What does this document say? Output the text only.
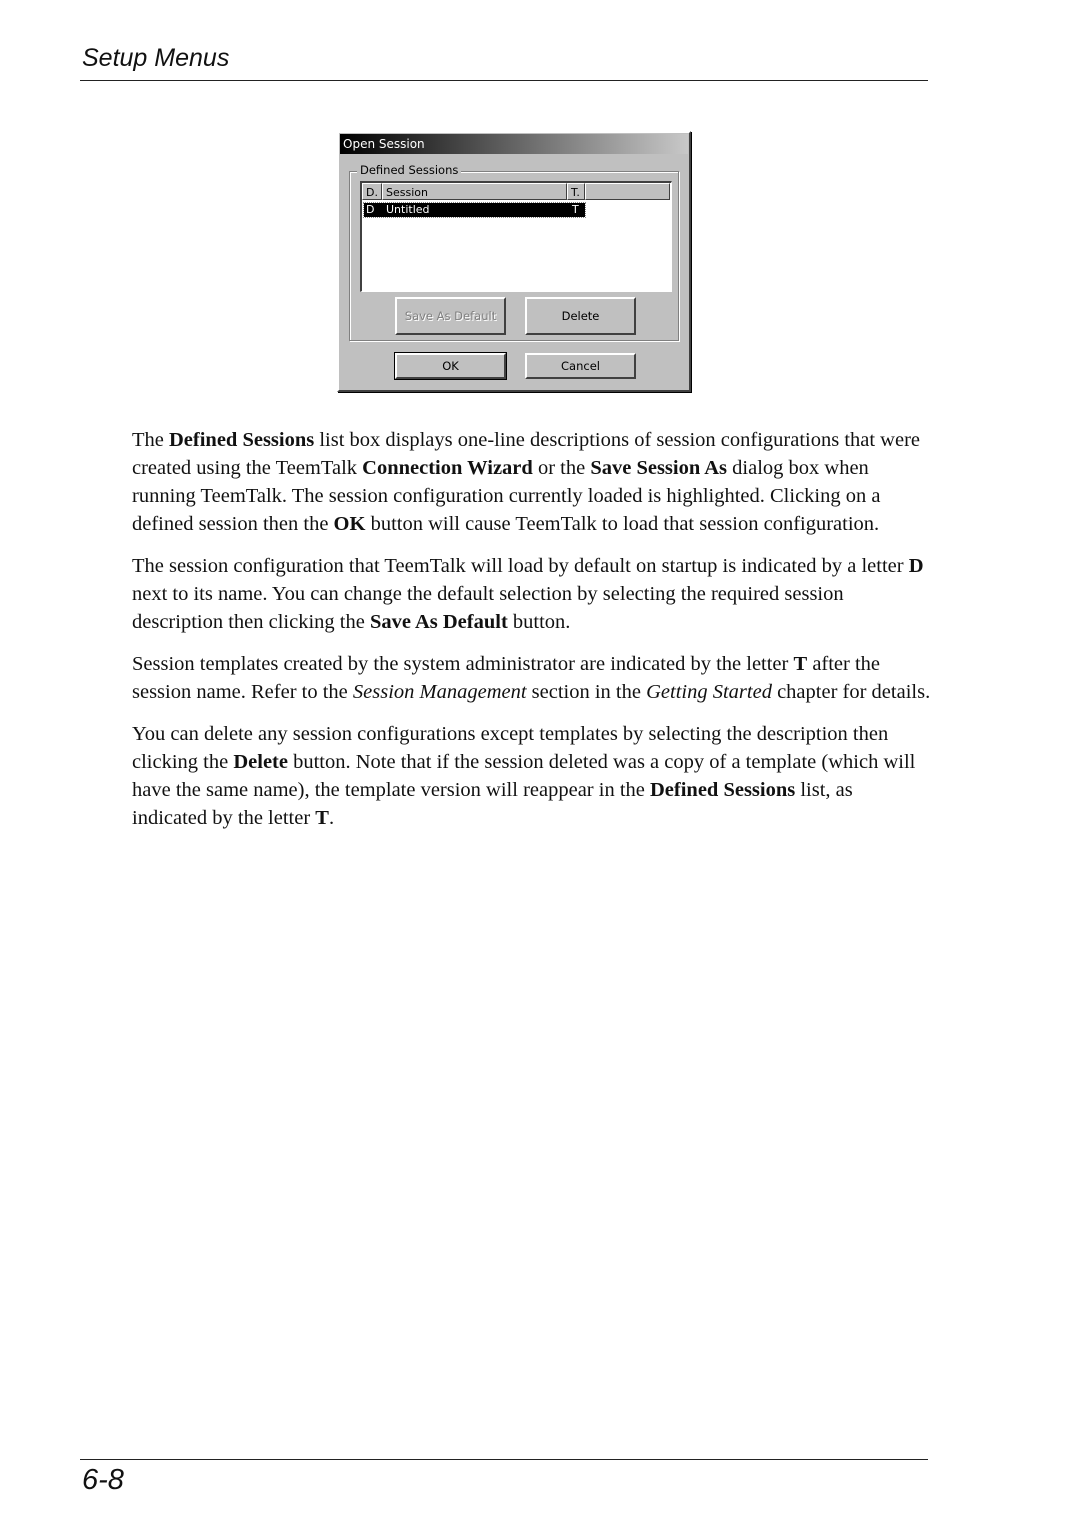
Setup Menus
Open Session
Defined Sessions
D. Session	T.
D Untitled	T
Save As Default	Delete
OK	Cancel

The Defined Sessions list box displays one-line descriptions of session configurations that were created using the TeemTalk Connection Wizard or the Save Session As dialog box when running TeemTalk. The session configuration currently loaded is highlighted. Clicking on a defined session then the OK button will cause TeemTalk to load that session configuration.

The session configuration that TeemTalk will load by default on startup is indicated by a letter D next to its name. You can change the default selection by selecting the required session description then clicking the Save As Default button.

Session templates created by the system administrator are indicated by the letter T after the session name. Refer to the Session Management section in the Getting Started chapter for details.

You can delete any session configurations except templates by selecting the description then clicking the Delete button. Note that if the session deleted was a copy of a template (which will have the same name), the template version will reappear in the Defined Sessions list, as indicated by the letter T.

6-8
